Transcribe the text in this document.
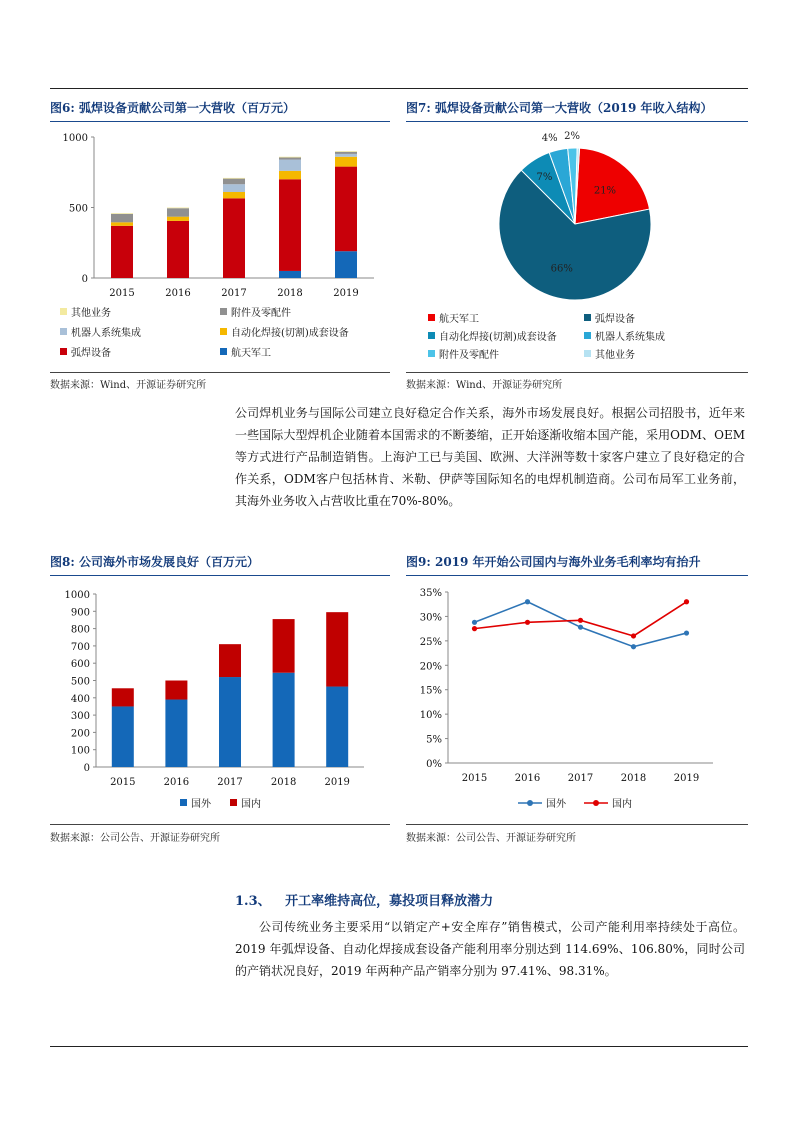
图6: 弧焊设备贡献公司第一大营收（百万元）
0
500
1000
2015	2016	2017	2018	2019
其他业务	附件及零配件
机器人系统集成	自动化焊接(切割)成套设备
弧焊设备	航天军工
数据来源：Wind、开源证券研究所
图7: 弧焊设备贡献公司第一大营收（2019 年收入结构）
21%
66%
7%
4% 2%
航天军工	弧焊设备
自动化焊接(切割)成套设备	机器人系统集成
附件及零配件	其他业务
数据来源：Wind、开源证券研究所
公司焊机业务与国际公司建立良好稳定合作关系，海外市场发展良好。根据公司招股书，近年来一些国际大型焊机企业随着本国需求的不断萎缩，正开始逐渐收缩本国产能，采用ODM、OEM等方式进行产品制造销售。上海沪工已与美国、欧洲、大洋洲等数十家客户建立了良好稳定的合作关系，ODM客户包括林肯、米勒、伊萨等国际知名的电焊机制造商。公司布局军工业务前，其海外业务收入占营收比重在70%-80%。
图8: 公司海外市场发展良好（百万元）
0
100
200
300
400
500
600
700
800
900
1000
2015	2016	2017	2018	2019
国外	国内
数据来源：公司公告、开源证券研究所
图9: 2019 年开始公司国内与海外业务毛利率均有抬升
0%
5%
10%
15%
20%
25%
30%
35%
2015	2016	2017	2018	2019
国外	国内
数据来源：公司公告、开源证券研究所
1.3、 开工率维持高位，募投项目释放潜力
公司传统业务主要采用“以销定产+安全库存”销售模式，公司产能利用率持续处于高位。2019 年弧焊设备、自动化焊接成套设备产能利用率分别达到 114.69%、106.80%，同时公司的产销状况良好，2019 年两种产品产销率分别为 97.41%、98.31%。
